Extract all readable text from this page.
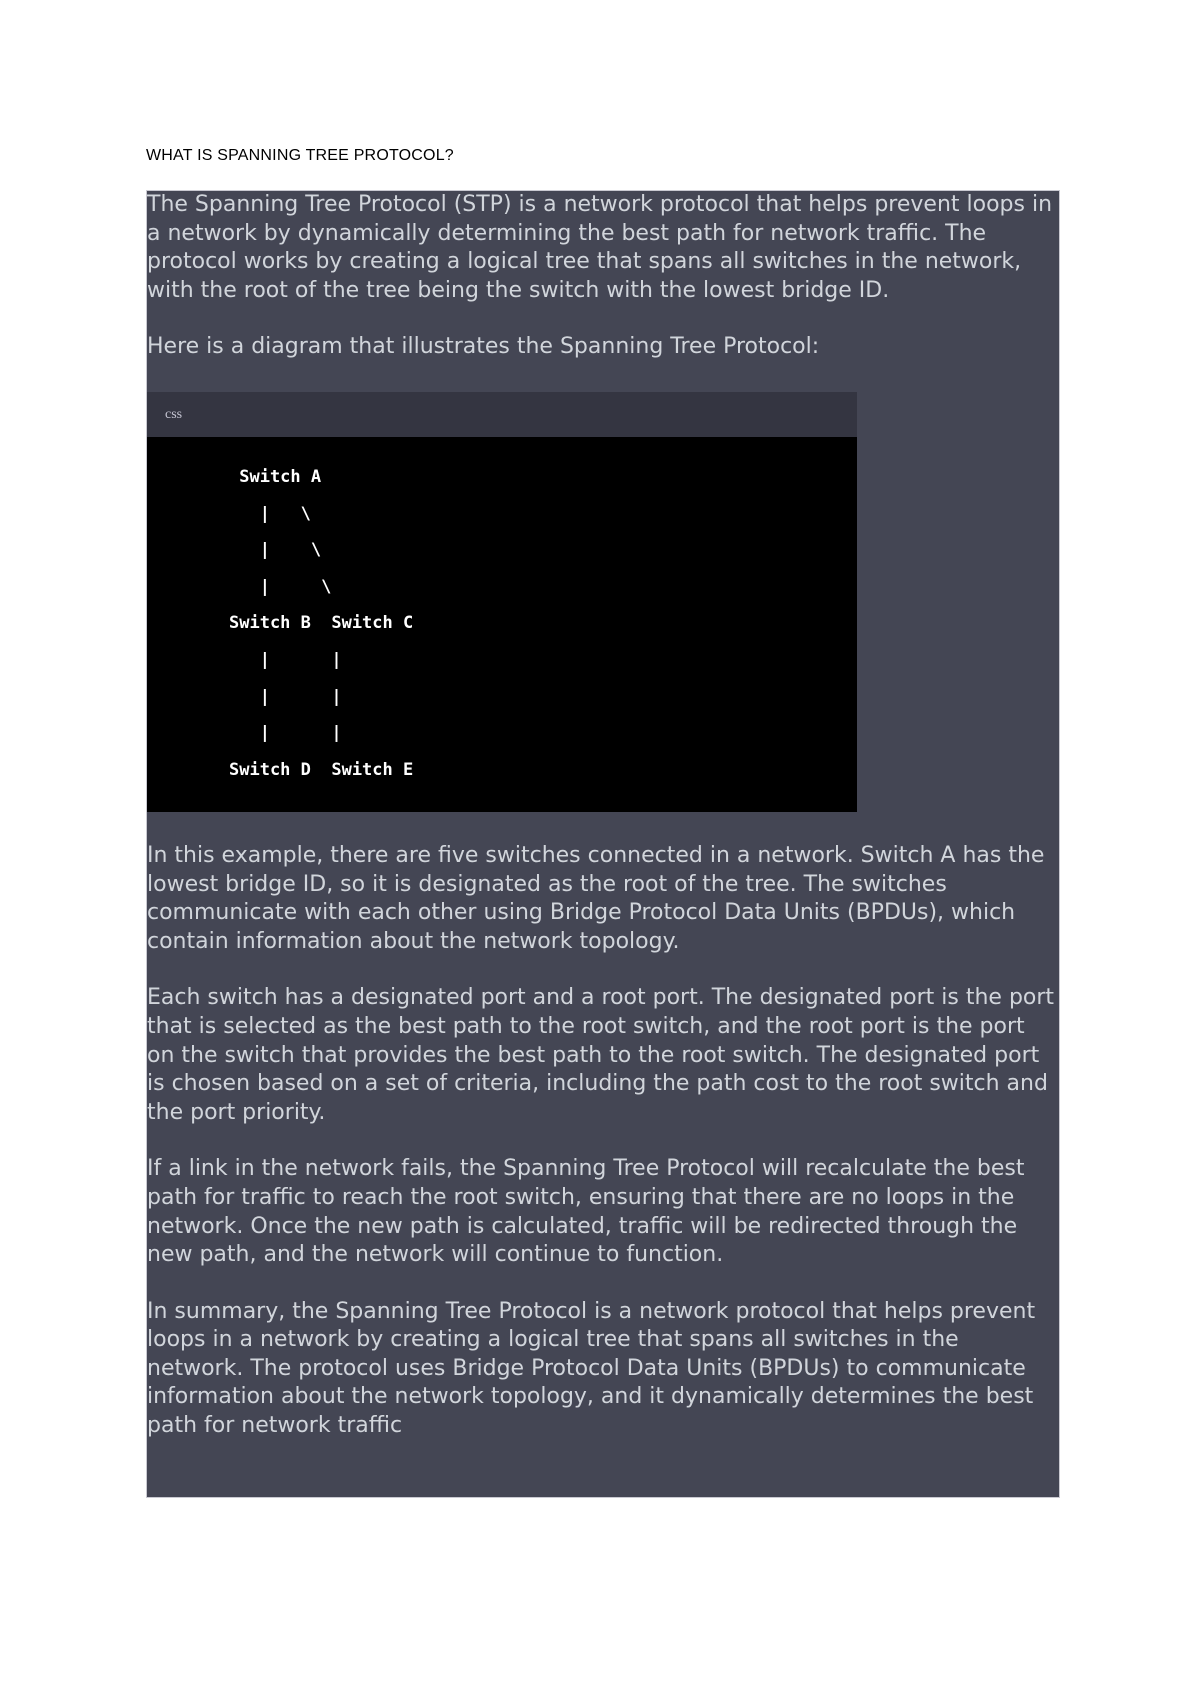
WHAT IS SPANNING TREE PROTOCOL?

The Spanning Tree Protocol (STP) is a network protocol that helps prevent loops in a network by dynamically determining the best path for network traffic. The protocol works by creating a logical tree that spans all switches in the network, with the root of the tree being the switch with the lowest bridge ID.

Here is a diagram that illustrates the Spanning Tree Protocol:

css
Switch A
|   \
|    \
|     \
Switch B  Switch C
|      |
|      |
|      |
Switch D  Switch E

In this example, there are five switches connected in a network. Switch A has the lowest bridge ID, so it is designated as the root of the tree. The switches communicate with each other using Bridge Protocol Data Units (BPDUs), which contain information about the network topology.

Each switch has a designated port and a root port. The designated port is the port that is selected as the best path to the root switch, and the root port is the port on the switch that provides the best path to the root switch. The designated port is chosen based on a set of criteria, including the path cost to the root switch and the port priority.

If a link in the network fails, the Spanning Tree Protocol will recalculate the best path for traffic to reach the root switch, ensuring that there are no loops in the network. Once the new path is calculated, traffic will be redirected through the new path, and the network will continue to function.

In summary, the Spanning Tree Protocol is a network protocol that helps prevent loops in a network by creating a logical tree that spans all switches in the network. The protocol uses Bridge Protocol Data Units (BPDUs) to communicate information about the network topology, and it dynamically determines the best path for network traffic
